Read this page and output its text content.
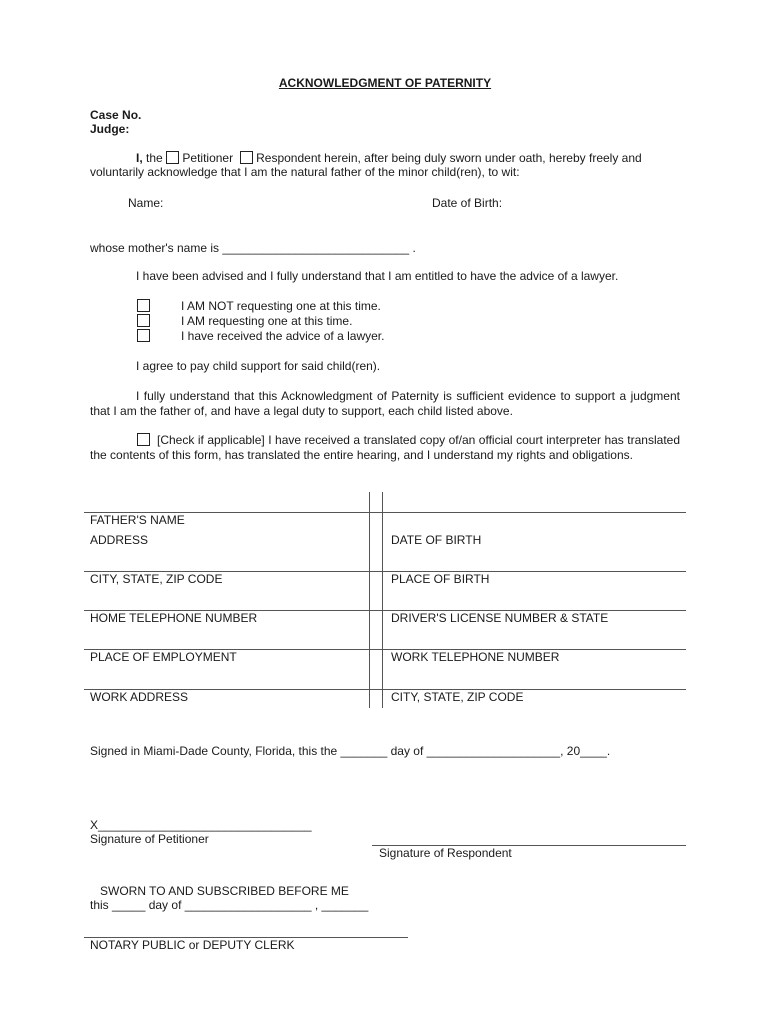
ACKNOWLEDGMENT OF PATERNITY
Case No.
Judge:
I, the Petitioner Respondent herein, after being duly sworn under oath, hereby freely and
voluntarily acknowledge that I am the natural father of the minor child(ren), to wit:
Name:	Date of Birth:
whose mother's name is ____________________________ .
I have been advised and I fully understand that I am entitled to have the advice of a lawyer.
I AM NOT requesting one at this time.
I AM requesting one at this time.
I have received the advice of a lawyer.
I agree to pay child support for said child(ren).
I fully understand that this Acknowledgment of Paternity is sufficient evidence to support a judgment that I am the father of, and have a legal duty to support, each child listed above.
[Check if applicable] I have received a translated copy of/an official court interpreter has translated the contents of this form, has translated the entire hearing, and I understand my rights and obligations.
FATHER'S NAME
ADDRESS
CITY, STATE, ZIP CODE
HOME TELEPHONE NUMBER
PLACE OF EMPLOYMENT
WORK ADDRESS
DATE OF BIRTH
PLACE OF BIRTH
DRIVER'S LICENSE NUMBER & STATE
WORK TELEPHONE NUMBER
CITY, STATE, ZIP CODE
Signed in Miami-Dade County, Florida, this the _______ day of ____________________, 20____.
X________________________________
Signature of Petitioner
Signature of Respondent
SWORN TO AND SUBSCRIBED BEFORE ME
this _____ day of ___________________ , _______
NOTARY PUBLIC or DEPUTY CLERK
